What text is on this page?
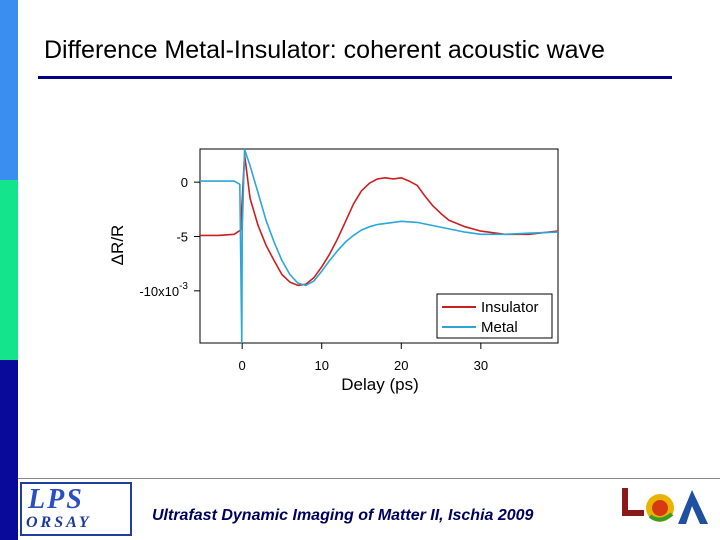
Difference Metal-Insulator: coherent acoustic wave
0	10	20	30
0
-5
$-10x10^{-3}$
Delay (ps)
ΔR/R
Insulator
Metal
LPS
ORSAY	Ultrafast Dynamic Imaging of Matter II, Ischia 2009
